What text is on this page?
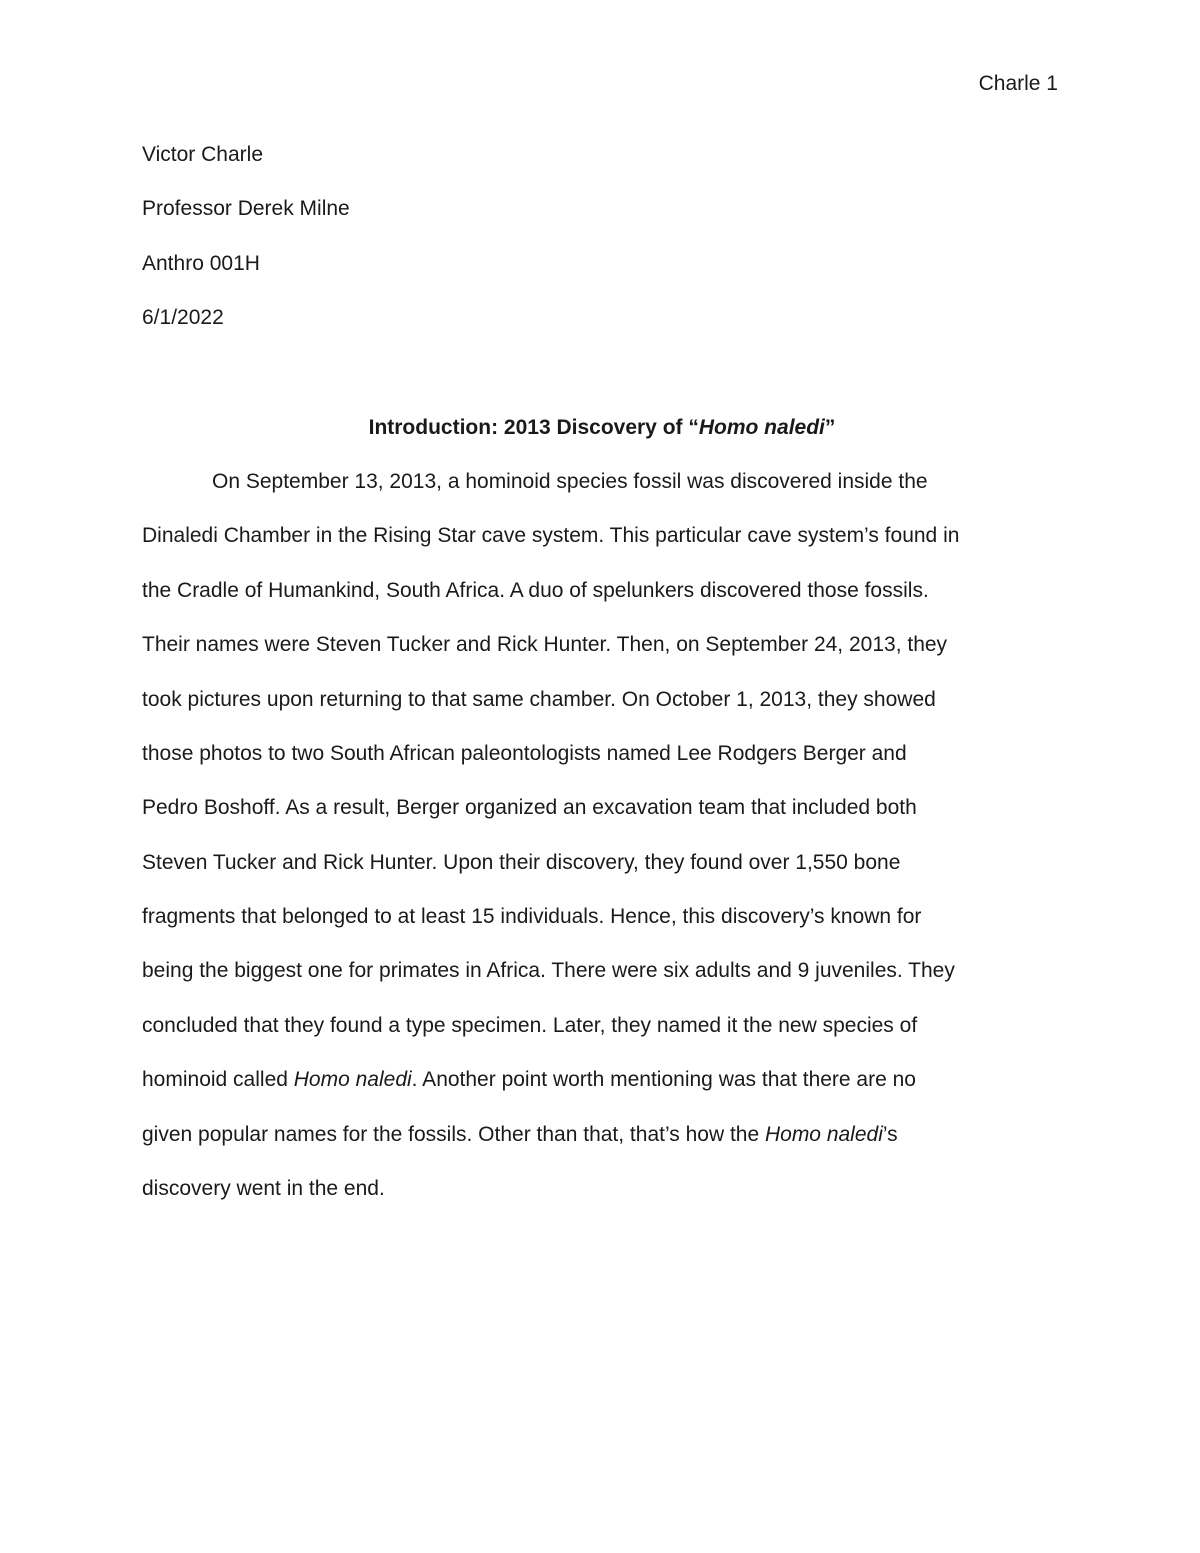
Charle 1
Victor Charle
Professor Derek Milne
Anthro 001H
6/1/2022
Introduction: 2013 Discovery of “Homo naledi”
On September 13, 2013, a hominoid species fossil was discovered inside the
Dinaledi Chamber in the Rising Star cave system. This particular cave system’s found in
the Cradle of Humankind, South Africa. A duo of spelunkers discovered those fossils.
Their names were Steven Tucker and Rick Hunter. Then, on September 24, 2013, they
took pictures upon returning to that same chamber. On October 1, 2013, they showed
those photos to two South African paleontologists named Lee Rodgers Berger and
Pedro Boshoff. As a result, Berger organized an excavation team that included both
Steven Tucker and Rick Hunter. Upon their discovery, they found over 1,550 bone
fragments that belonged to at least 15 individuals. Hence, this discovery’s known for
being the biggest one for primates in Africa. There were six adults and 9 juveniles. They
concluded that they found a type specimen. Later, they named it the new species of
hominoid called Homo naledi. Another point worth mentioning was that there are no
given popular names for the fossils. Other than that, that’s how the Homo naledi’s
discovery went in the end.
